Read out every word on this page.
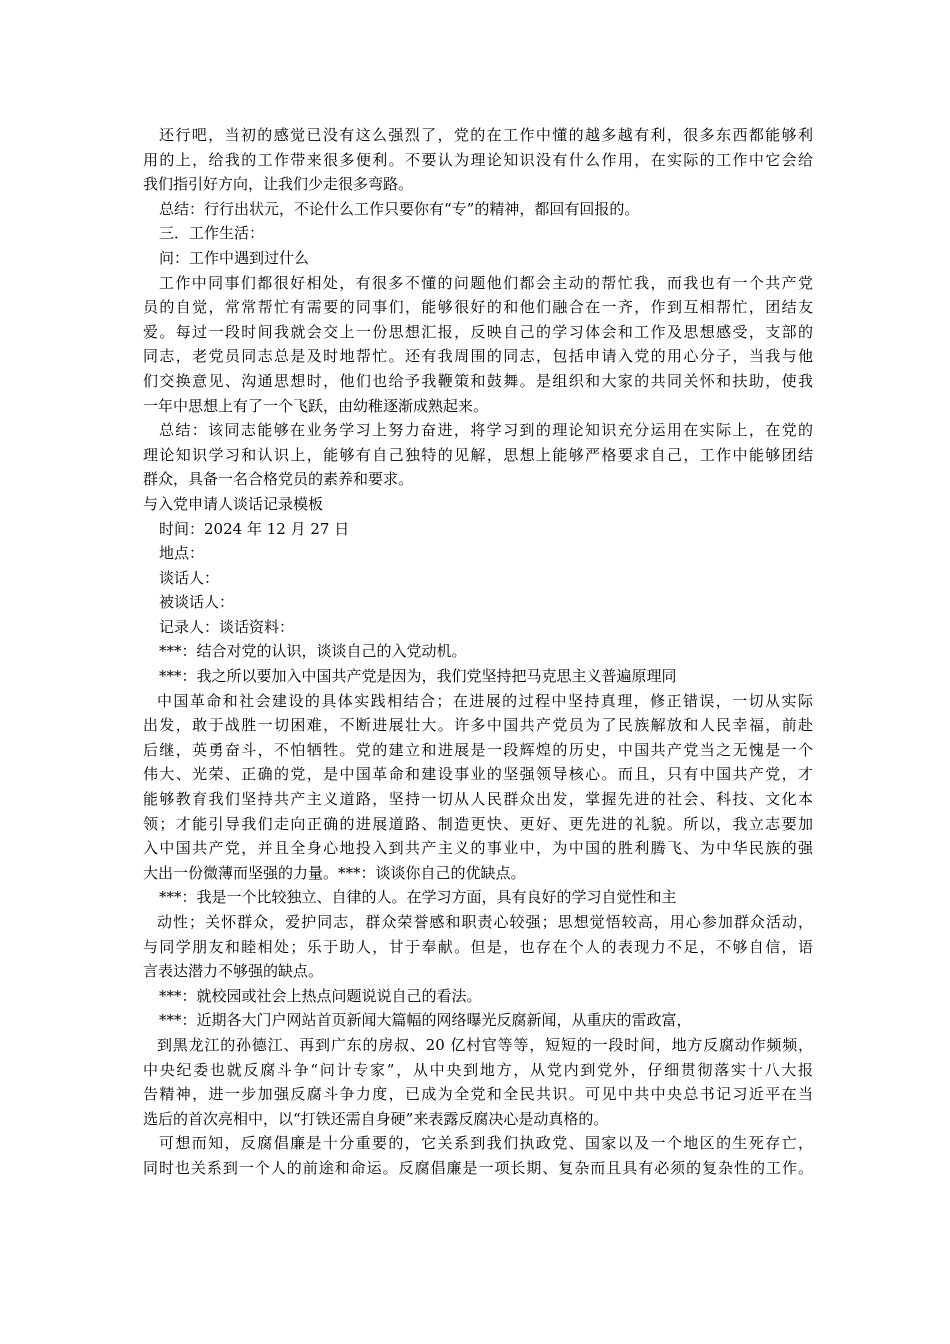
还行吧，当初的感觉已没有这么强烈了，党的在工作中懂的越多越有利，很多东西都能够利

用的上，给我的工作带来很多便利。不要认为理论知识没有什么作用，在实际的工作中它会给

我们指引好方向，让我们少走很多弯路。

总结：行行出状元，不论什么工作只要你有“专”的精神，都回有回报的。

三．工作生活：

问：工作中遇到过什么

工作中同事们都很好相处，有很多不懂的问题他们都会主动的帮忙我，而我也有一个共产党

员的自觉，常常帮忙有需要的同事们，能够很好的和他们融合在一齐，作到互相帮忙，团结友

爱。每过一段时间我就会交上一份思想汇报，反映自己的学习体会和工作及思想感受，支部的

同志，老党员同志总是及时地帮忙。还有我周围的同志，包括申请入党的用心分子，当我与他

们交换意见、沟通思想时，他们也给予我鞭策和鼓舞。是组织和大家的共同关怀和扶助，使我

一年中思想上有了一个飞跃，由幼稚逐渐成熟起来。

总结：该同志能够在业务学习上努力奋进，将学习到的理论知识充分运用在实际上，在党的

理论知识学习和认识上，能够有自己独特的见解，思想上能够严格要求自己，工作中能够团结

群众，具备一名合格党员的素养和要求。

与入党申请人谈话记录模板

时间：2024 年 12 月 27 日

地点：

谈话人：

被谈话人：

记录人：谈话资料：

***：结合对党的认识，谈谈自己的入党动机。

***：我之所以要加入中国共产党是因为，我们党坚持把马克思主义普遍原理同

中国革命和社会建设的具体实践相结合；在进展的过程中坚持真理，修正错误，一切从实际

出发，敢于战胜一切困难，不断进展壮大。许多中国共产党员为了民族解放和人民幸福，前赴

后继，英勇奋斗，不怕牺牲。党的建立和进展是一段辉煌的历史，中国共产党当之无愧是一个

伟大、光荣、正确的党，是中国革命和建设事业的坚强领导核心。而且，只有中国共产党，才

能够教育我们坚持共产主义道路，坚持一切从人民群众出发，掌握先进的社会、科技、文化本

领；才能引导我们走向正确的进展道路、制造更快、更好、更先进的礼貌。所以，我立志要加

入中国共产党，并且全身心地投入到共产主义的事业中，为中国的胜利腾飞、为中华民族的强

大出一份微薄而坚强的力量。***：谈谈你自己的优缺点。

***：我是一个比较独立、自律的人。在学习方面，具有良好的学习自觉性和主

动性；关怀群众，爱护同志，群众荣誉感和职责心较强；思想觉悟较高，用心参加群众活动，

与同学朋友和睦相处；乐于助人，甘于奉献。但是，也存在个人的表现力不足，不够自信，语

言表达潜力不够强的缺点。

***：就校园或社会上热点问题说说自己的看法。

***：近期各大门户网站首页新闻大篇幅的网络曝光反腐新闻，从重庆的雷政富，

到黑龙江的孙德江、再到广东的房叔、20 亿村官等等，短短的一段时间，地方反腐动作频频，

中央纪委也就反腐斗争“问计专家”，从中央到地方，从党内到党外，仔细贯彻落实十八大报

告精神，进一步加强反腐斗争力度，已成为全党和全民共识。可见中共中央总书记习近平在当

选后的首次亮相中，以“打铁还需自身硬”来表露反腐决心是动真格的。

可想而知，反腐倡廉是十分重要的，它关系到我们执政党、国家以及一个地区的生死存亡，

同时也关系到一个人的前途和命运。反腐倡廉是一项长期、复杂而且具有必须的复杂性的工作。
